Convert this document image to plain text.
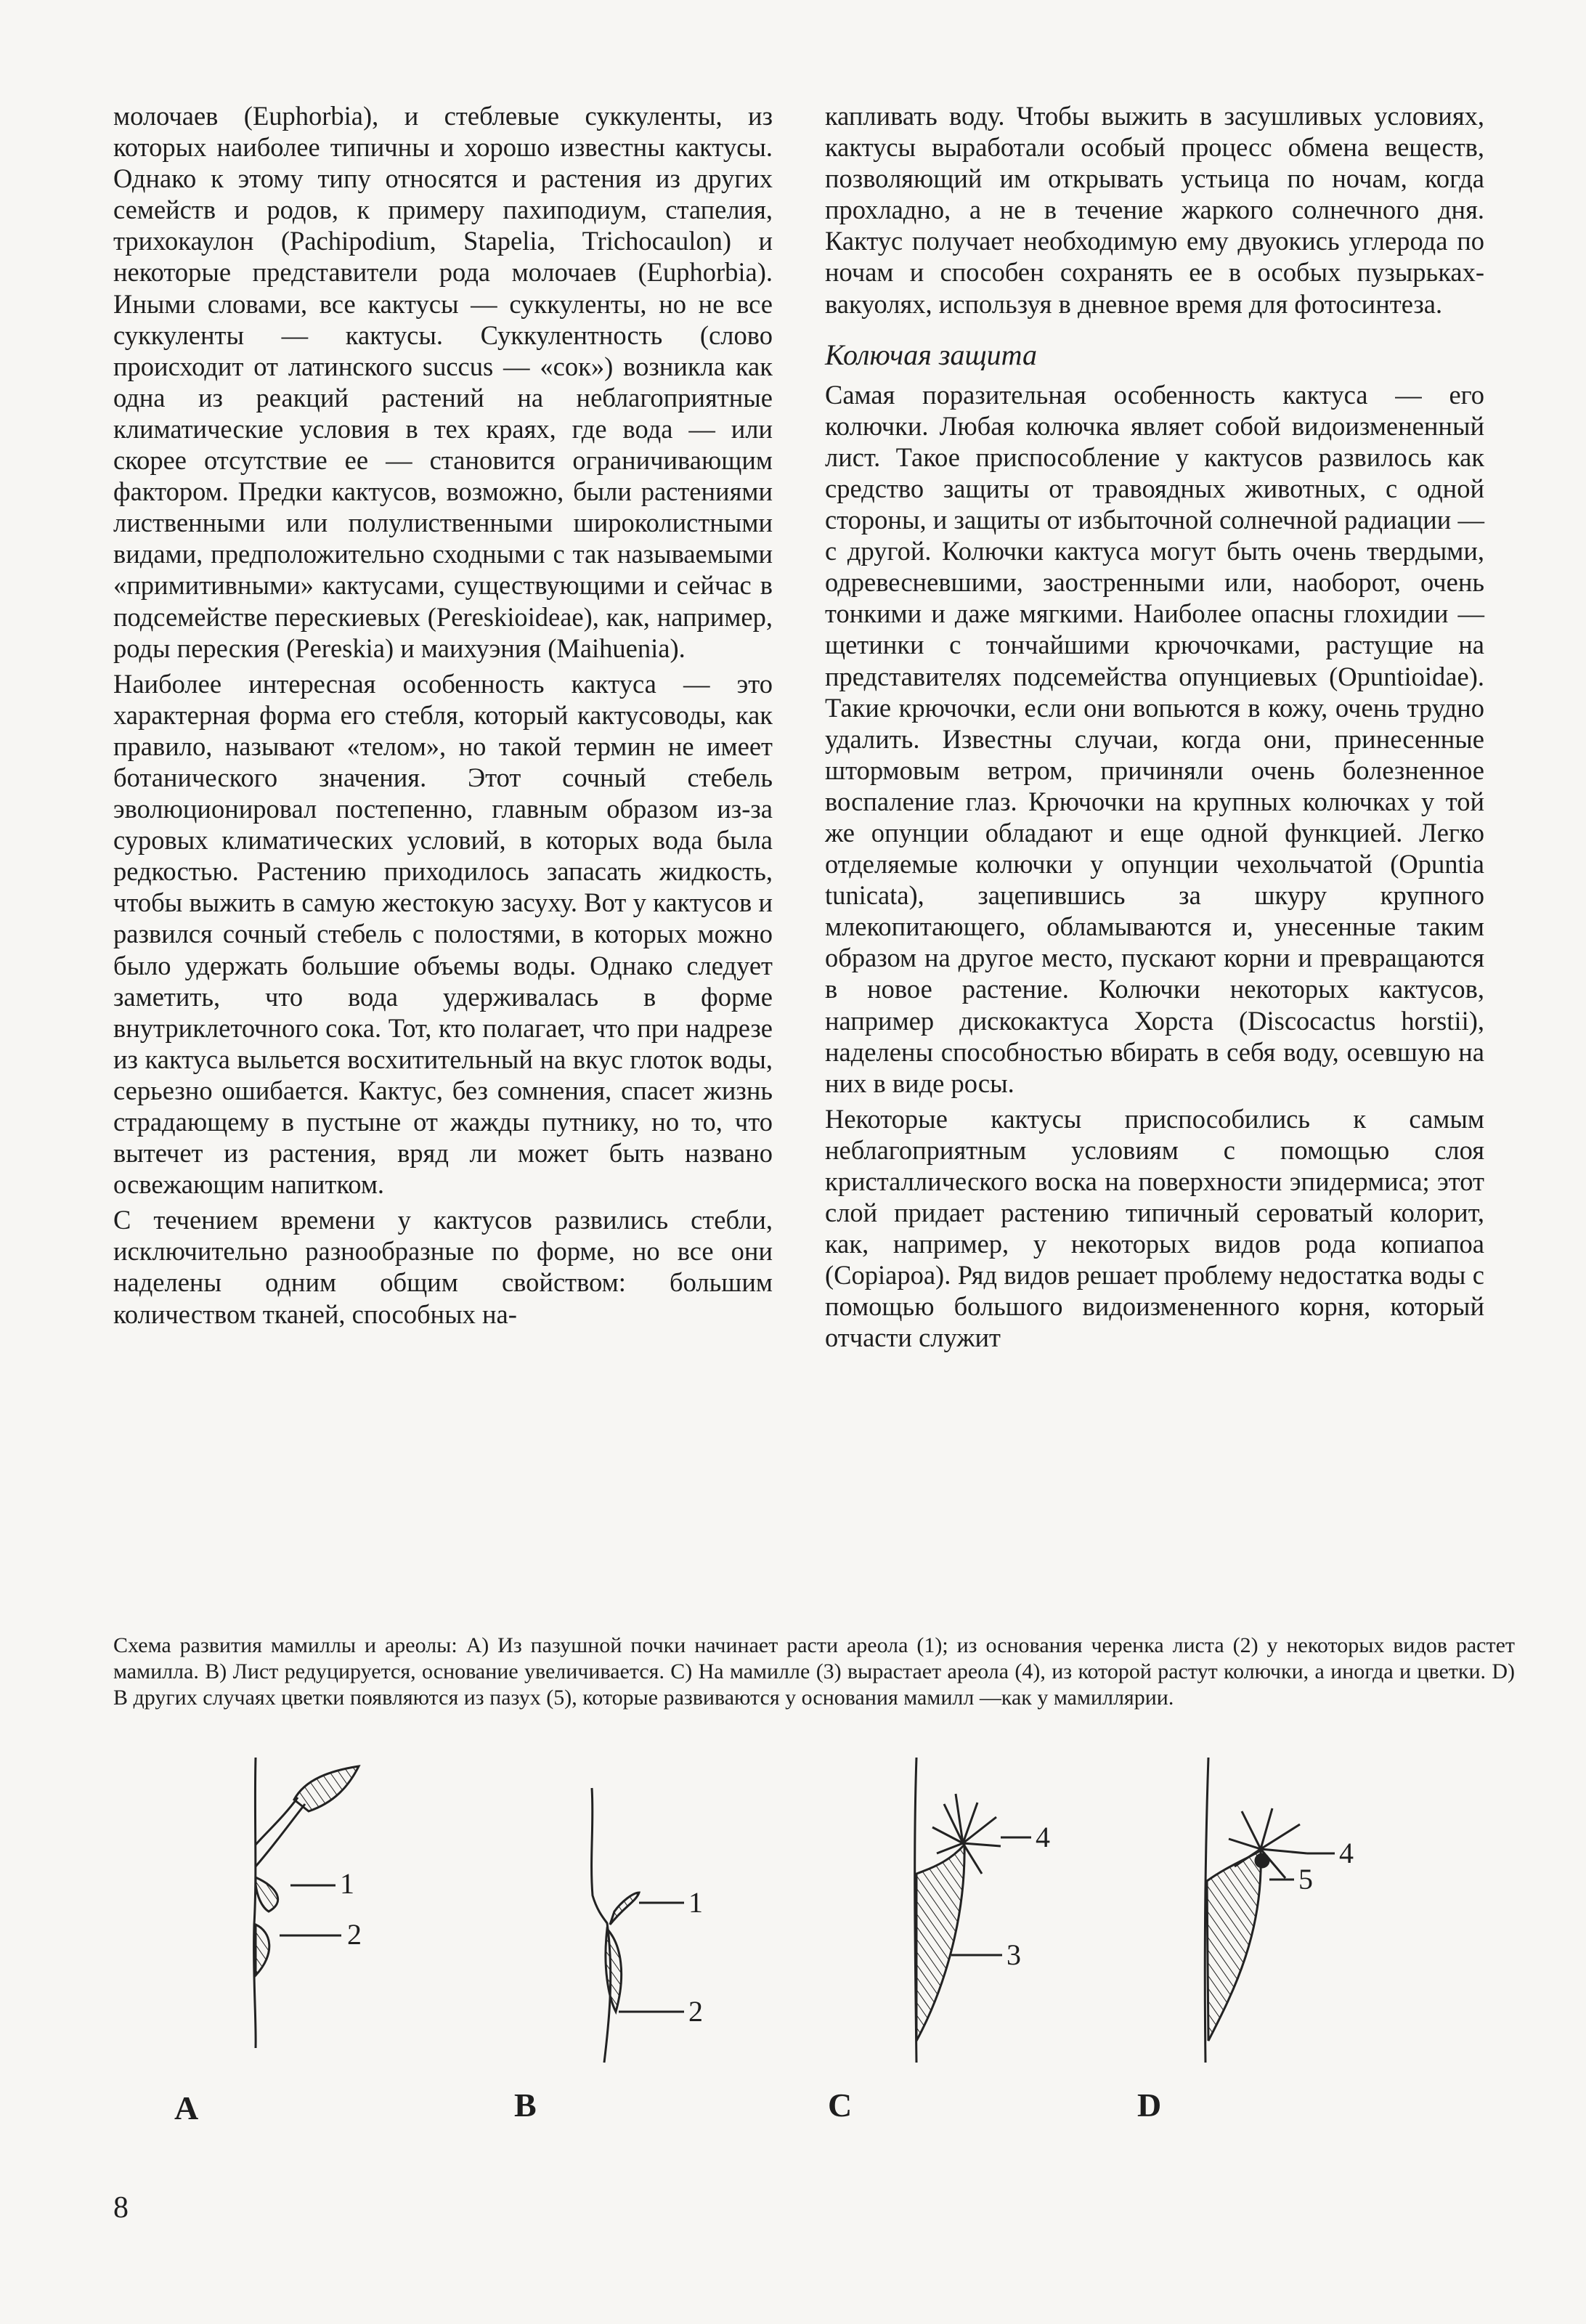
молочаев (Euphorbia), и стеблевые суккуленты, из которых наиболее типичны и хорошо известны кактусы. Однако к этому типу относятся и растения из других семейств и родов, к примеру пахиподиум, стапелия, трихокаулон (Pachipodium, Stapelia, Trichocaulon) и некоторые представители рода молочаев (Euphorbia). Иными словами, все кактусы — суккуленты, но не все суккуленты — кактусы. Суккулентность (слово происходит от латинского succus — «сок») возникла как одна из реакций растений на неблагоприятные климатические условия в тех краях, где вода — или скорее отсутствие ее — становится ограничивающим фактором. Предки кактусов, возможно, были растениями лиственными или полулиственными широколистными видами, предположительно сходными с так называемыми «примитивными» кактусами, существующими и сейчас в подсемействе перескиевых (Pereskioideae), как, например, роды переския (Pereskia) и маихуэния (Maihuenia).

Наиболее интересная особенность кактуса — это характерная форма его стебля, который кактусоводы, как правило, называют «телом», но такой термин не имеет ботанического значения. Этот сочный стебель эволюционировал постепенно, главным образом из-за суровых климатических условий, в которых вода была редкостью. Растению приходилось запасать жидкость, чтобы выжить в самую жестокую засуху. Вот у кактусов и развился сочный стебель с полостями, в которых можно было удержать большие объемы воды. Однако следует заметить, что вода удерживалась в форме внутриклеточного сока. Тот, кто полагает, что при надрезе из кактуса выльется восхитительный на вкус глоток воды, серьезно ошибается. Кактус, без сомнения, спасет жизнь страдающему в пустыне от жажды путнику, но то, что вытечет из растения, вряд ли может быть названо освежающим напитком.

С течением времени у кактусов развились стебли, исключительно разнообразные по форме, но все они наделены одним общим свойством: большим количеством тканей, способных на-

капливать воду. Чтобы выжить в засушливых условиях, кактусы выработали особый процесс обмена веществ, позволяющий им открывать устьица по ночам, когда прохладно, а не в течение жаркого солнечного дня. Кактус получает необходимую ему двуокись углерода по ночам и способен сохранять ее в особых пузырьках-вакуолях, используя в дневное время для фотосинтеза.

Колючая защита

Самая поразительная особенность кактуса — его колючки. Любая колючка являет собой видоизмененный лист. Такое приспособление у кактусов развилось как средство защиты от травоядных животных, с одной стороны, и защиты от избыточной солнечной радиации — с другой. Колючки кактуса могут быть очень твердыми, одревесневшими, заостренными или, наоборот, очень тонкими и даже мягкими. Наиболее опасны глохидии — щетинки с тончайшими крючочками, растущие на представителях подсемейства опунциевых (Opuntioidae). Такие крючочки, если они вопьются в кожу, очень трудно удалить. Известны случаи, когда они, принесенные штормовым ветром, причиняли очень болезненное воспаление глаз. Крючочки на крупных колючках у той же опунции обладают и еще одной функцией. Легко отделяемые колючки у опунции чехольчатой (Opuntia tunicata), зацепившись за шкуру крупного млекопитающего, обламываются и, унесенные таким образом на другое место, пускают корни и превращаются в новое растение. Колючки некоторых кактусов, например дискокактуса Хорста (Discocactus horstii), наделены способностью вбирать в себя воду, осевшую на них в виде росы.

Некоторые кактусы приспособились к самым неблагоприятным условиям с помощью слоя кристаллического воска на поверхности эпидермиса; этот слой придает растению типичный сероватый колорит, как, например, у некоторых видов рода копиапоа (Copiapoa). Ряд видов решает проблему недостатка воды с помощью большого видоизмененного корня, который отчасти служит

Схема развития мамиллы и ареолы: А) Из пазушной почки начинает расти ареола (1); из основания черенка листа (2) у некоторых видов растет мамилла. B) Лист редуцируется, основание увеличивается. C) На мамилле (3) вырастает ареола (4), из которой растут колючки, а иногда и цветки. D) В других случаях цветки появляются из пазух (5), которые развиваются у основания мамилл —как у мамиллярии.
A	B	C	D
1
2
1
2
4
3
4
5
8
